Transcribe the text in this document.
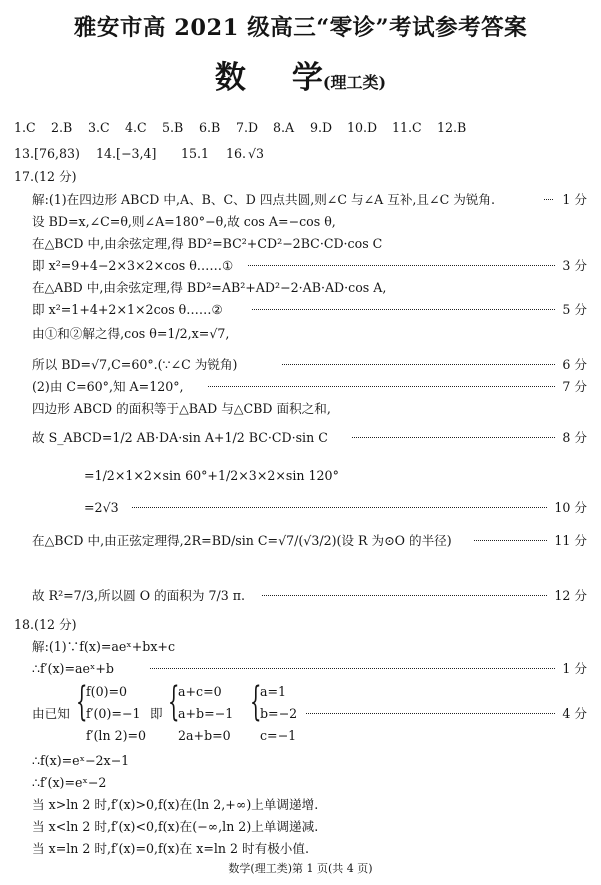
雅安市高 2021 级高三“零诊”考试参考答案
数 学(理工类)
1.C 2.B 3.C 4.C 5.B 6.B 7.D 8.A 9.D 10.D 11.C 12.B
13.[76,83) 14.[−3,4] 15.1 16. √3
17.(12 分)
解:(1)在四边形 ABCD 中,A、B、C、D 四点共圆,则∠C 与∠A 互补,且∠C 为锐角.	1 分
设 BD=x,∠C=θ,则∠A=180°−θ,故 cos A=−cos θ,
在△BCD 中,由余弦定理,得 BD²=BC²+CD²−2BC·CD·cos C
即 x²=9+4−2×3×2×cos θ……①	3 分
在△ABD 中,由余弦定理,得 BD²=AB²+AD²−2·AB·AD·cos A,
即 x²=1+4+2×1×2cos θ……②	5 分
由①和②解之得,cos θ=1/2,x=√7,
所以 BD=√7,C=60°.(∵∠C 为锐角)	6 分
(2)由 C=60°,知 A=120°,	7 分
四边形 ABCD 的面积等于△BAD 与△CBD 面积之和,
故 S_ABCD=1/2 AB·DA·sin A+1/2 BC·CD·sin C	8 分
=1/2×1×2×sin 60°+1/2×3×2×sin 120°
=2√3	10 分
在△BCD 中,由正弦定理得,2R=BD/sin C=√7/(√3/2)(设 R 为⊙O 的半径)	11 分
故 R²=7/3,所以圆 O 的面积为 7/3 π.	12 分
18.(12 分)
解:(1)∵f(x)=aeˣ+bx+c
∴f′(x)=aeˣ+b	1 分
由已知 {
f(0)=0
f′(0)=−1
f′(ln 2)=0
即 {
a+c=0
a+b=−1
2a+b=0
{
a=1
b=−2
c=−1
4 分
∴f(x)=eˣ−2x−1
∴f′(x)=eˣ−2
当 x>ln 2 时,f′(x)>0,f(x)在(ln 2,+∞)上单调递增.
当 x<ln 2 时,f′(x)<0,f(x)在(−∞,ln 2)上单调递减.
当 x=ln 2 时,f′(x)=0,f(x)在 x=ln 2 时有极小值.
数学(理工类)第 1 页(共 4 页)
